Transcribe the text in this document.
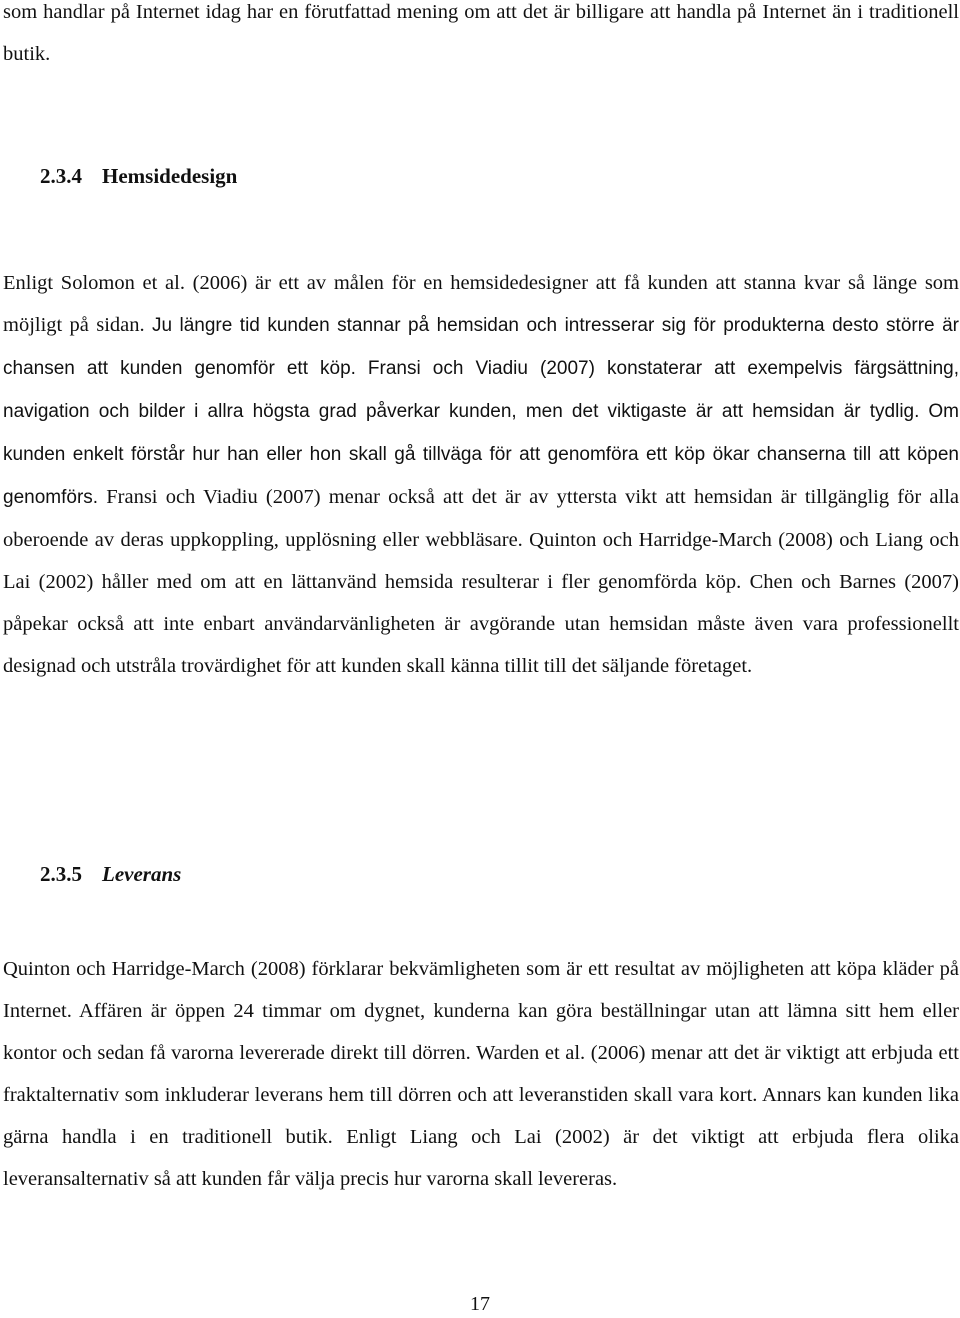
som handlar på Internet idag har en förutfattad mening om att det är billigare att handla på Internet än i traditionell butik.

2.3.4 Hemsidedesign

Enligt Solomon et al. (2006) är ett av målen för en hemsidedesigner att få kunden att stanna kvar så länge som möjligt på sidan. Ju längre tid kunden stannar på hemsidan och intresserar sig för produkterna desto större är chansen att kunden genomför ett köp. Fransi och Viadiu (2007) konstaterar att exempelvis färgsättning, navigation och bilder i allra högsta grad påverkar kunden, men det viktigaste är att hemsidan är tydlig. Om kunden enkelt förstår hur han eller hon skall gå tillväga för att genomföra ett köp ökar chanserna till att köpen genomförs. Fransi och Viadiu (2007) menar också att det är av yttersta vikt att hemsidan är tillgänglig för alla oberoende av deras uppkoppling, upplösning eller webbläsare. Quinton och Harridge-March (2008) och Liang och Lai (2002) håller med om att en lättanvänd hemsida resulterar i fler genomförda köp. Chen och Barnes (2007) påpekar också att inte enbart användarvänligheten är avgörande utan hemsidan måste även vara professionellt designad och utstråla trovärdighet för att kunden skall känna tillit till det säljande företaget.

2.3.5 Leverans

Quinton och Harridge-March (2008) förklarar bekvämligheten som är ett resultat av möjligheten att köpa kläder på Internet. Affären är öppen 24 timmar om dygnet, kunderna kan göra beställningar utan att lämna sitt hem eller kontor och sedan få varorna levererade direkt till dörren. Warden et al. (2006) menar att det är viktigt att erbjuda ett fraktalternativ som inkluderar leverans hem till dörren och att leveranstiden skall vara kort. Annars kan kunden lika gärna handla i en traditionell butik. Enligt Liang och Lai (2002) är det viktigt att erbjuda flera olika leveransalternativ så att kunden får välja precis hur varorna skall levereras.

17
